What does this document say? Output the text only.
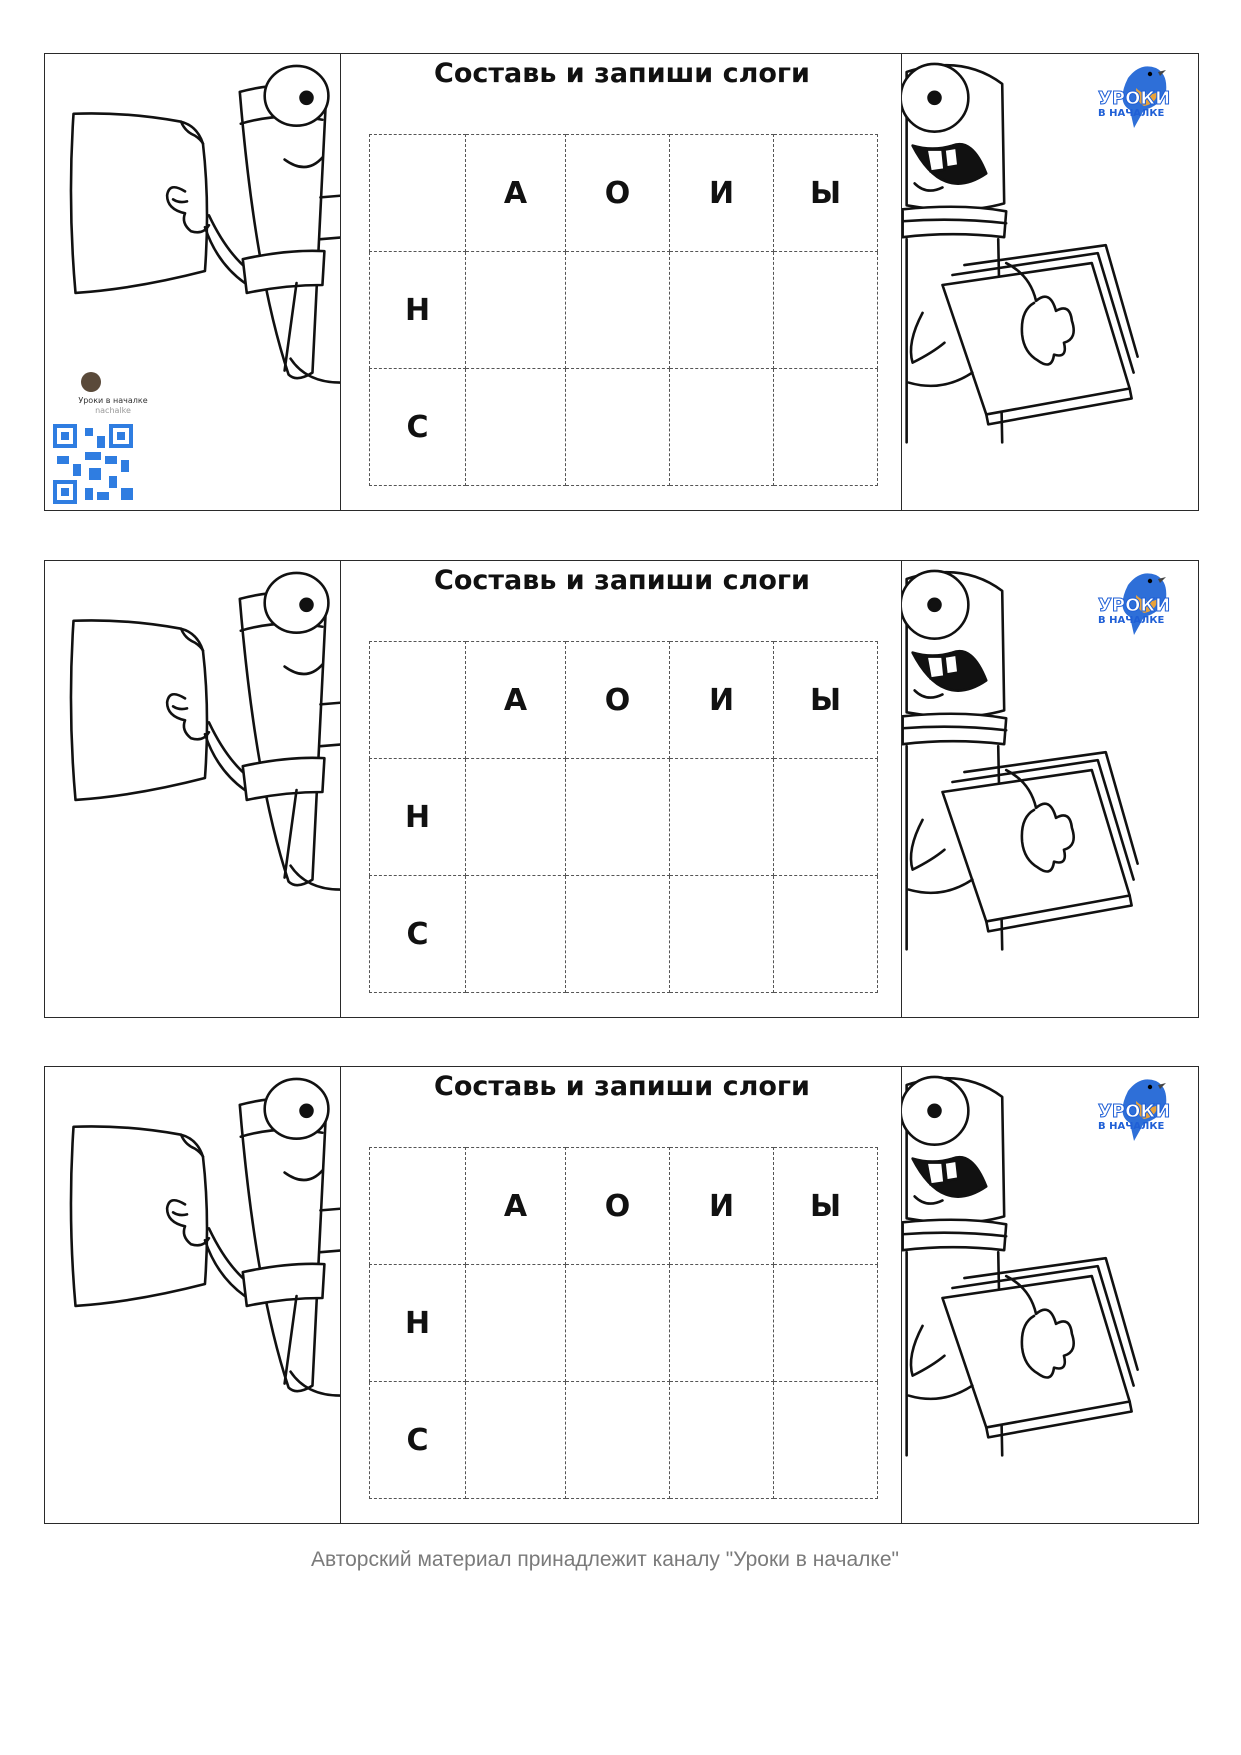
Уроки в началке
nachalke
Составь и запиши слоги
	А	О	И	Ы
Н				
С				
УРОКИ
В НАЧАЛКЕ
Составь и запиши слоги
	А	О	И	Ы
Н				
С				
УРОКИ
В НАЧАЛКЕ
Составь и запиши слоги
	А	О	И	Ы
Н				
С				
УРОКИ
В НАЧАЛКЕ
Авторский материал принадлежит каналу "Уроки в началке"
